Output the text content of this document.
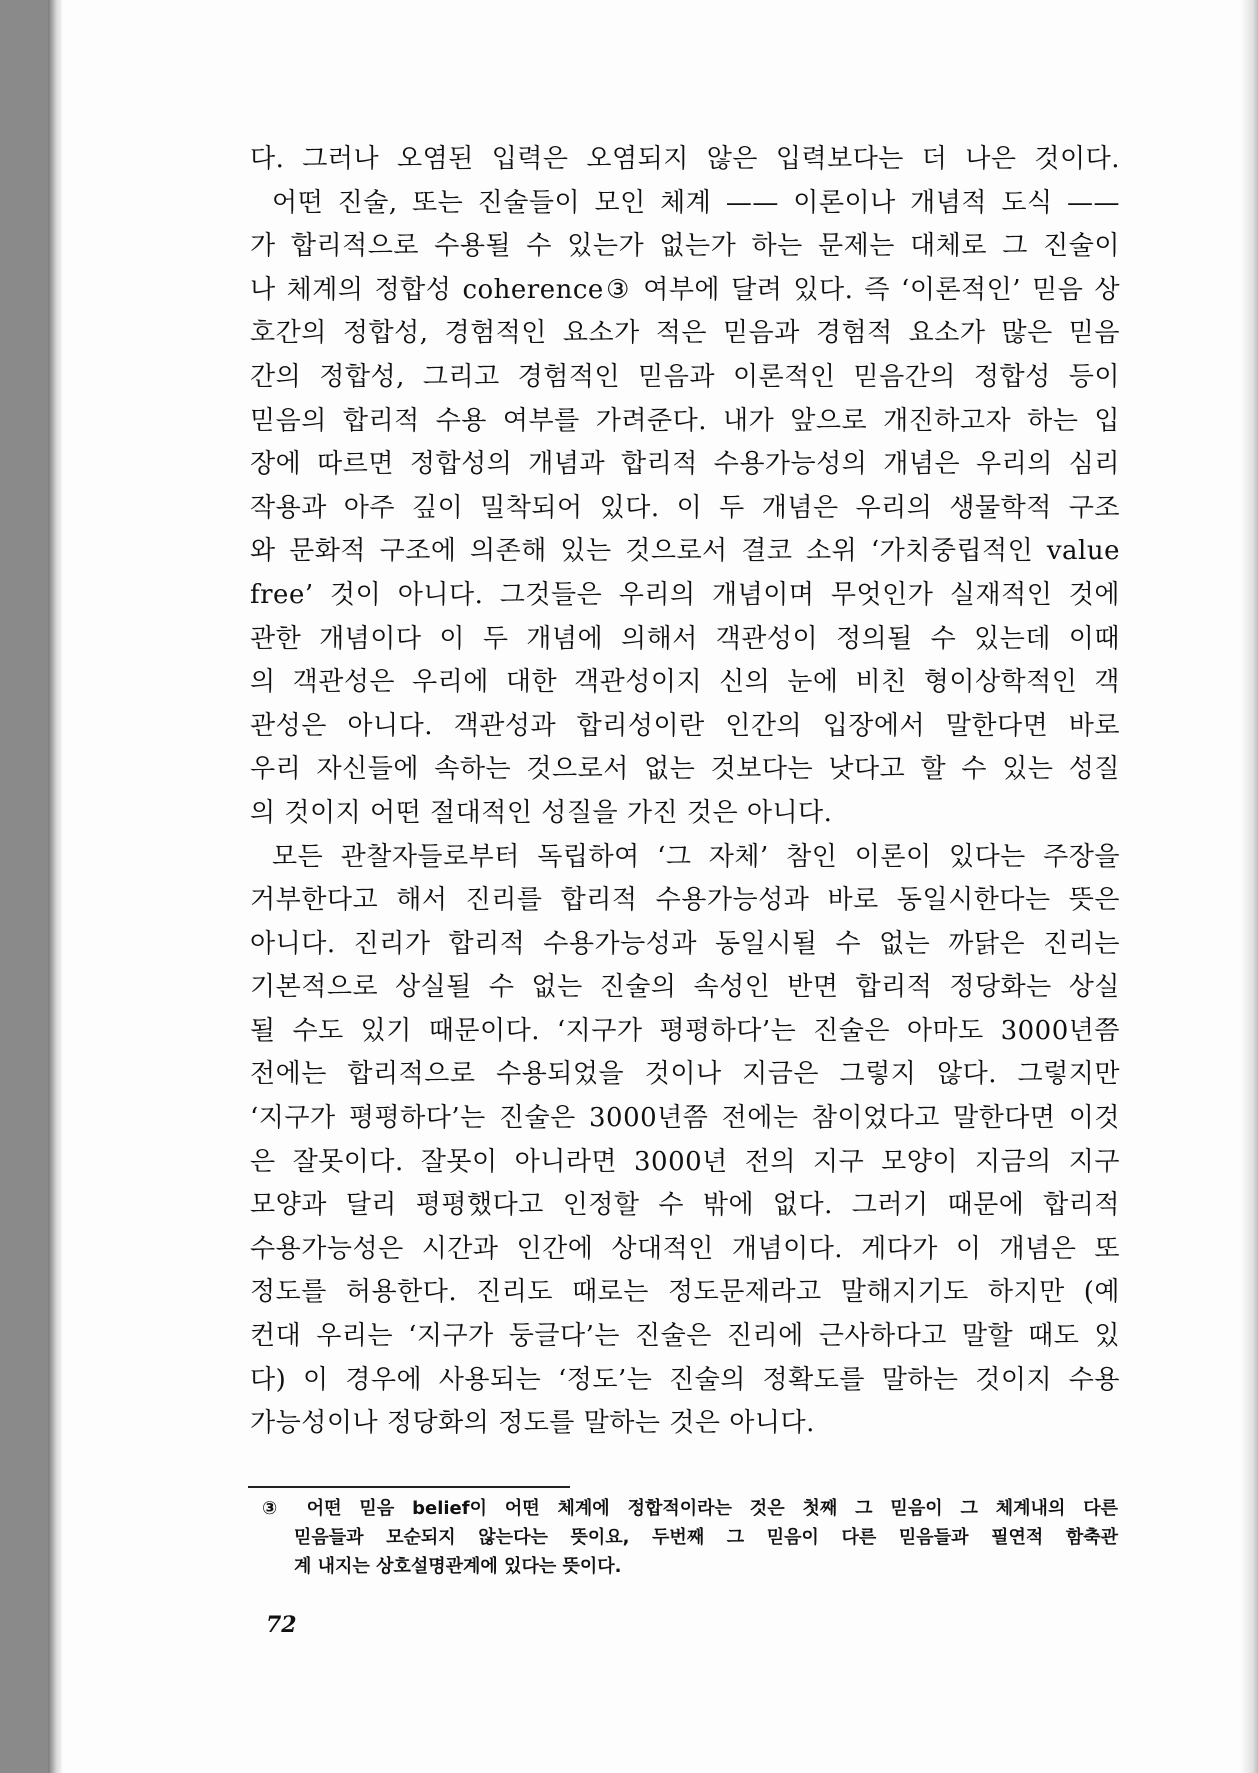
다. 그러나 오염된 입력은 오염되지 않은 입력보다는 더 나은 것이다.
어떤 진술, 또는 진술들이 모인 체계 —— 이론이나 개념적 도식 ——
가 합리적으로 수용될 수 있는가 없는가 하는 문제는 대체로 그 진술이
나 체계의 정합성 coherence③ 여부에 달려 있다. 즉 ‘이론적인’ 믿음 상
호간의 정합성, 경험적인 요소가 적은 믿음과 경험적 요소가 많은 믿음
간의 정합성, 그리고 경험적인 믿음과 이론적인 믿음간의 정합성 등이
믿음의 합리적 수용 여부를 가려준다. 내가 앞으로 개진하고자 하는 입
장에 따르면 정합성의 개념과 합리적 수용가능성의 개념은 우리의 심리
작용과 아주 깊이 밀착되어 있다. 이 두 개념은 우리의 생물학적 구조
와 문화적 구조에 의존해 있는 것으로서 결코 소위 ‘가치중립적인 value
free’ 것이 아니다. 그것들은 우리의 개념이며 무엇인가 실재적인 것에
관한 개념이다 이 두 개념에 의해서 객관성이 정의될 수 있는데 이때
의 객관성은 우리에 대한 객관성이지 신의 눈에 비친 형이상학적인 객
관성은 아니다. 객관성과 합리성이란 인간의 입장에서 말한다면 바로
우리 자신들에 속하는 것으로서 없는 것보다는 낫다고 할 수 있는 성질
의 것이지 어떤 절대적인 성질을 가진 것은 아니다.
모든 관찰자들로부터 독립하여 ‘그 자체’ 참인 이론이 있다는 주장을
거부한다고 해서 진리를 합리적 수용가능성과 바로 동일시한다는 뜻은
아니다. 진리가 합리적 수용가능성과 동일시될 수 없는 까닭은 진리는
기본적으로 상실될 수 없는 진술의 속성인 반면 합리적 정당화는 상실
될 수도 있기 때문이다. ‘지구가 평평하다’는 진술은 아마도 3000년쯤
전에는 합리적으로 수용되었을 것이나 지금은 그렇지 않다. 그렇지만
‘지구가 평평하다’는 진술은 3000년쯤 전에는 참이었다고 말한다면 이것
은 잘못이다. 잘못이 아니라면 3000년 전의 지구 모양이 지금의 지구
모양과 달리 평평했다고 인정할 수 밖에 없다. 그러기 때문에 합리적
수용가능성은 시간과 인간에 상대적인 개념이다. 게다가 이 개념은 또
정도를 허용한다. 진리도 때로는 정도문제라고 말해지기도 하지만 (예
컨대 우리는 ‘지구가 둥글다’는 진술은 진리에 근사하다고 말할 때도 있
다) 이 경우에 사용되는 ‘정도’는 진술의 정확도를 말하는 것이지 수용
가능성이나 정당화의 정도를 말하는 것은 아니다.
③ 어떤 믿음 belief이 어떤 체계에 정합적이라는 것은 첫째 그 믿음이 그 체계내의 다른
믿음들과 모순되지 않는다는 뜻이요, 두번째 그 믿음이 다른 믿음들과 필연적 함축관
계 내지는 상호설명관계에 있다는 뜻이다.
72
